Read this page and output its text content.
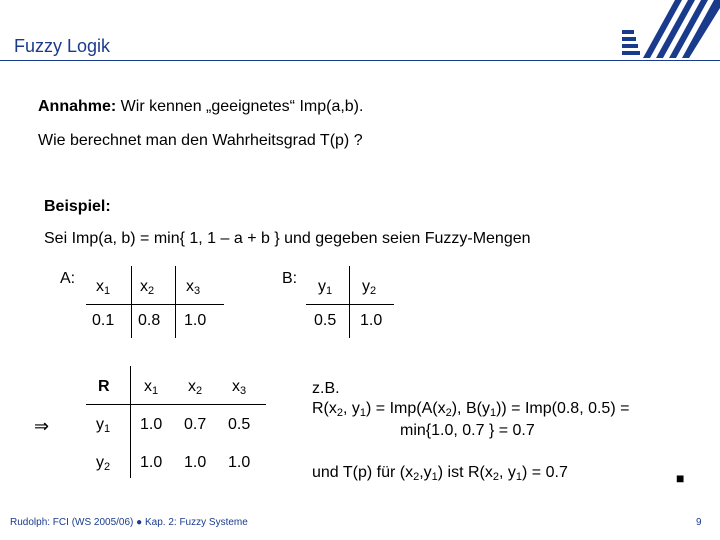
Fuzzy Logik
Annahme: Wir kennen „geeignetes“ Imp(a,b).
Wie berechnet man den Wahrheitsgrad T(p) ?
Beispiel:
Sei Imp(a, b) = min{ 1, 1 – a + b } und gegeben seien Fuzzy-Mengen
A: $x_1$ $x_2$ $x_3$
0.1 0.8 1.0
B: $y_1$ $y_2$
0.5 1.0
⇒
R $x_1$ $x_2$ $x_3$
$y_1$ 1.0 0.7 0.5
$y_2$ 1.0 1.0 1.0
z.B.
$R(x_2$, $y_1) = Imp(A(x_2)$, $B(y_1)) = Imp(0.8$, 0.5) =
min{1.0, 0.7 } = 0.7
und T(p) für $(x_2,y_1)$ ist $R(x_2$, $y_1) = 0.7$	■
Rudolph: FCI (WS 2005/06) ● Kap. 2: Fuzzy Systeme	9
